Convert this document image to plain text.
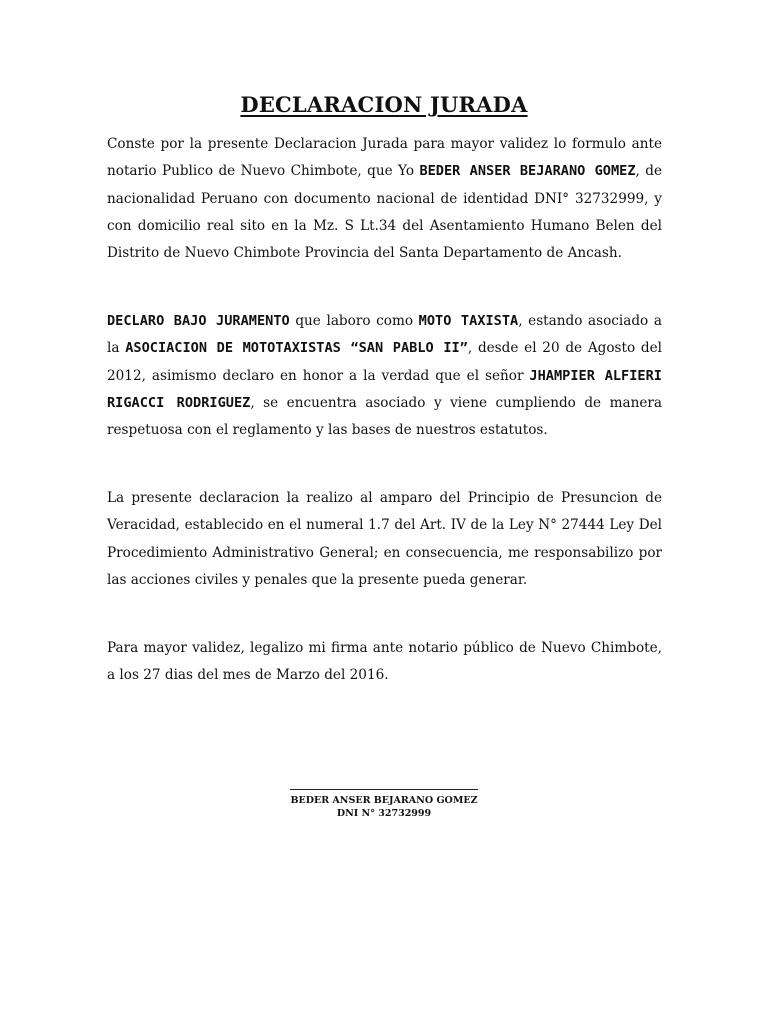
DECLARACION JURADA

Conste por la presente Declaracion Jurada para mayor validez lo formulo ante notario Publico de Nuevo Chimbote, que Yo BEDER ANSER BEJARANO GOMEZ, de nacionalidad Peruano con documento nacional de identidad DNI° 32732999, y con domicilio real sito en la Mz. S Lt.34 del Asentamiento Humano Belen del Distrito de Nuevo Chimbote Provincia del Santa Departamento de Ancash.

DECLARO BAJO JURAMENTO que laboro como MOTO TAXISTA, estando asociado a la ASOCIACION DE MOTOTAXISTAS “SAN PABLO II”, desde el 20 de Agosto del 2012, asimismo declaro en honor a la verdad que el señor JHAMPIER ALFIERI RIGACCI RODRIGUEZ, se encuentra asociado y viene cumpliendo de manera respetuosa con el reglamento y las bases de nuestros estatutos.

La presente declaracion la realizo al amparo del Principio de Presuncion de Veracidad, establecido en el numeral 1.7 del Art. IV de la Ley N° 27444 Ley Del Procedimiento Administrativo General; en consecuencia, me responsabilizo por las acciones civiles y penales que la presente pueda generar.

Para mayor validez, legalizo mi firma ante notario público de Nuevo Chimbote, a los 27 dias del mes de Marzo del 2016.

BEDER ANSER BEJARANO GOMEZ

DNI N° 32732999
